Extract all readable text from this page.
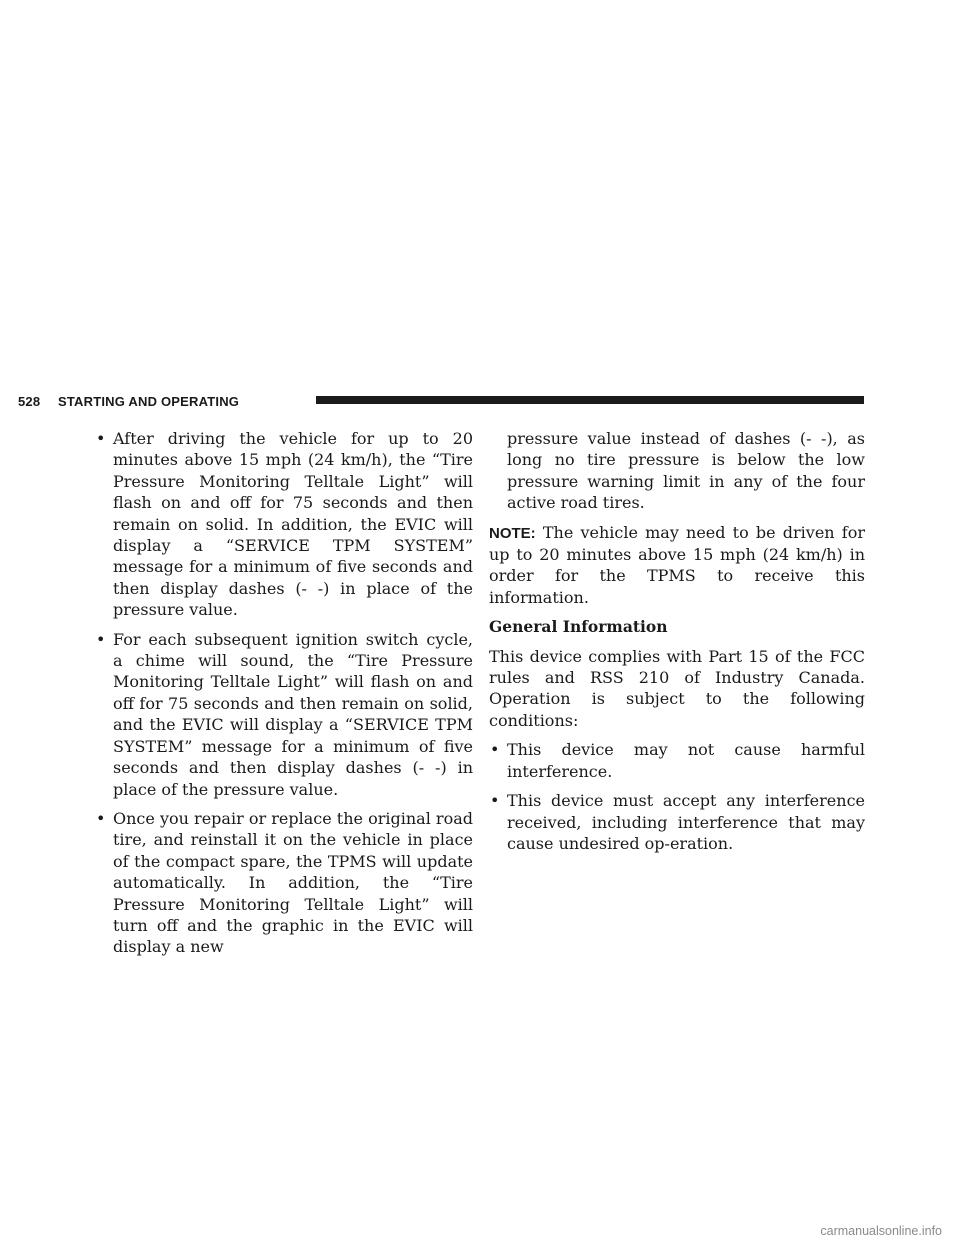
528 STARTING AND OPERATING

• After driving the vehicle for up to 20 minutes above 15 mph (24 km/h), the “Tire Pressure Monitoring Telltale Light” will flash on and off for 75 seconds and then remain on solid. In addition, the EVIC will display a “SERVICE TPM SYSTEM” message for a minimum of five seconds and then display dashes (- -) in place of the pressure value.

• For each subsequent ignition switch cycle, a chime will sound, the “Tire Pressure Monitoring Telltale Light” will flash on and off for 75 seconds and then remain on solid, and the EVIC will display a “SERVICE TPM SYSTEM” message for a minimum of five seconds and then display dashes (- -) in place of the pressure value.

• Once you repair or replace the original road tire, and reinstall it on the vehicle in place of the compact spare, the TPMS will update automatically. In addition, the “Tire Pressure Monitoring Telltale Light” will turn off and the graphic in the EVIC will display a new

pressure value instead of dashes (- -), as long no tire pressure is below the low pressure warning limit in any of the four active road tires.

NOTE: The vehicle may need to be driven for up to 20 minutes above 15 mph (24 km/h) in order for the TPMS to receive this information.

General Information

This device complies with Part 15 of the FCC rules and RSS 210 of Industry Canada. Operation is subject to the following conditions:

• This device may not cause harmful interference.

• This device must accept any interference received, including interference that may cause undesired op-eration.

carmanualsonline.info
